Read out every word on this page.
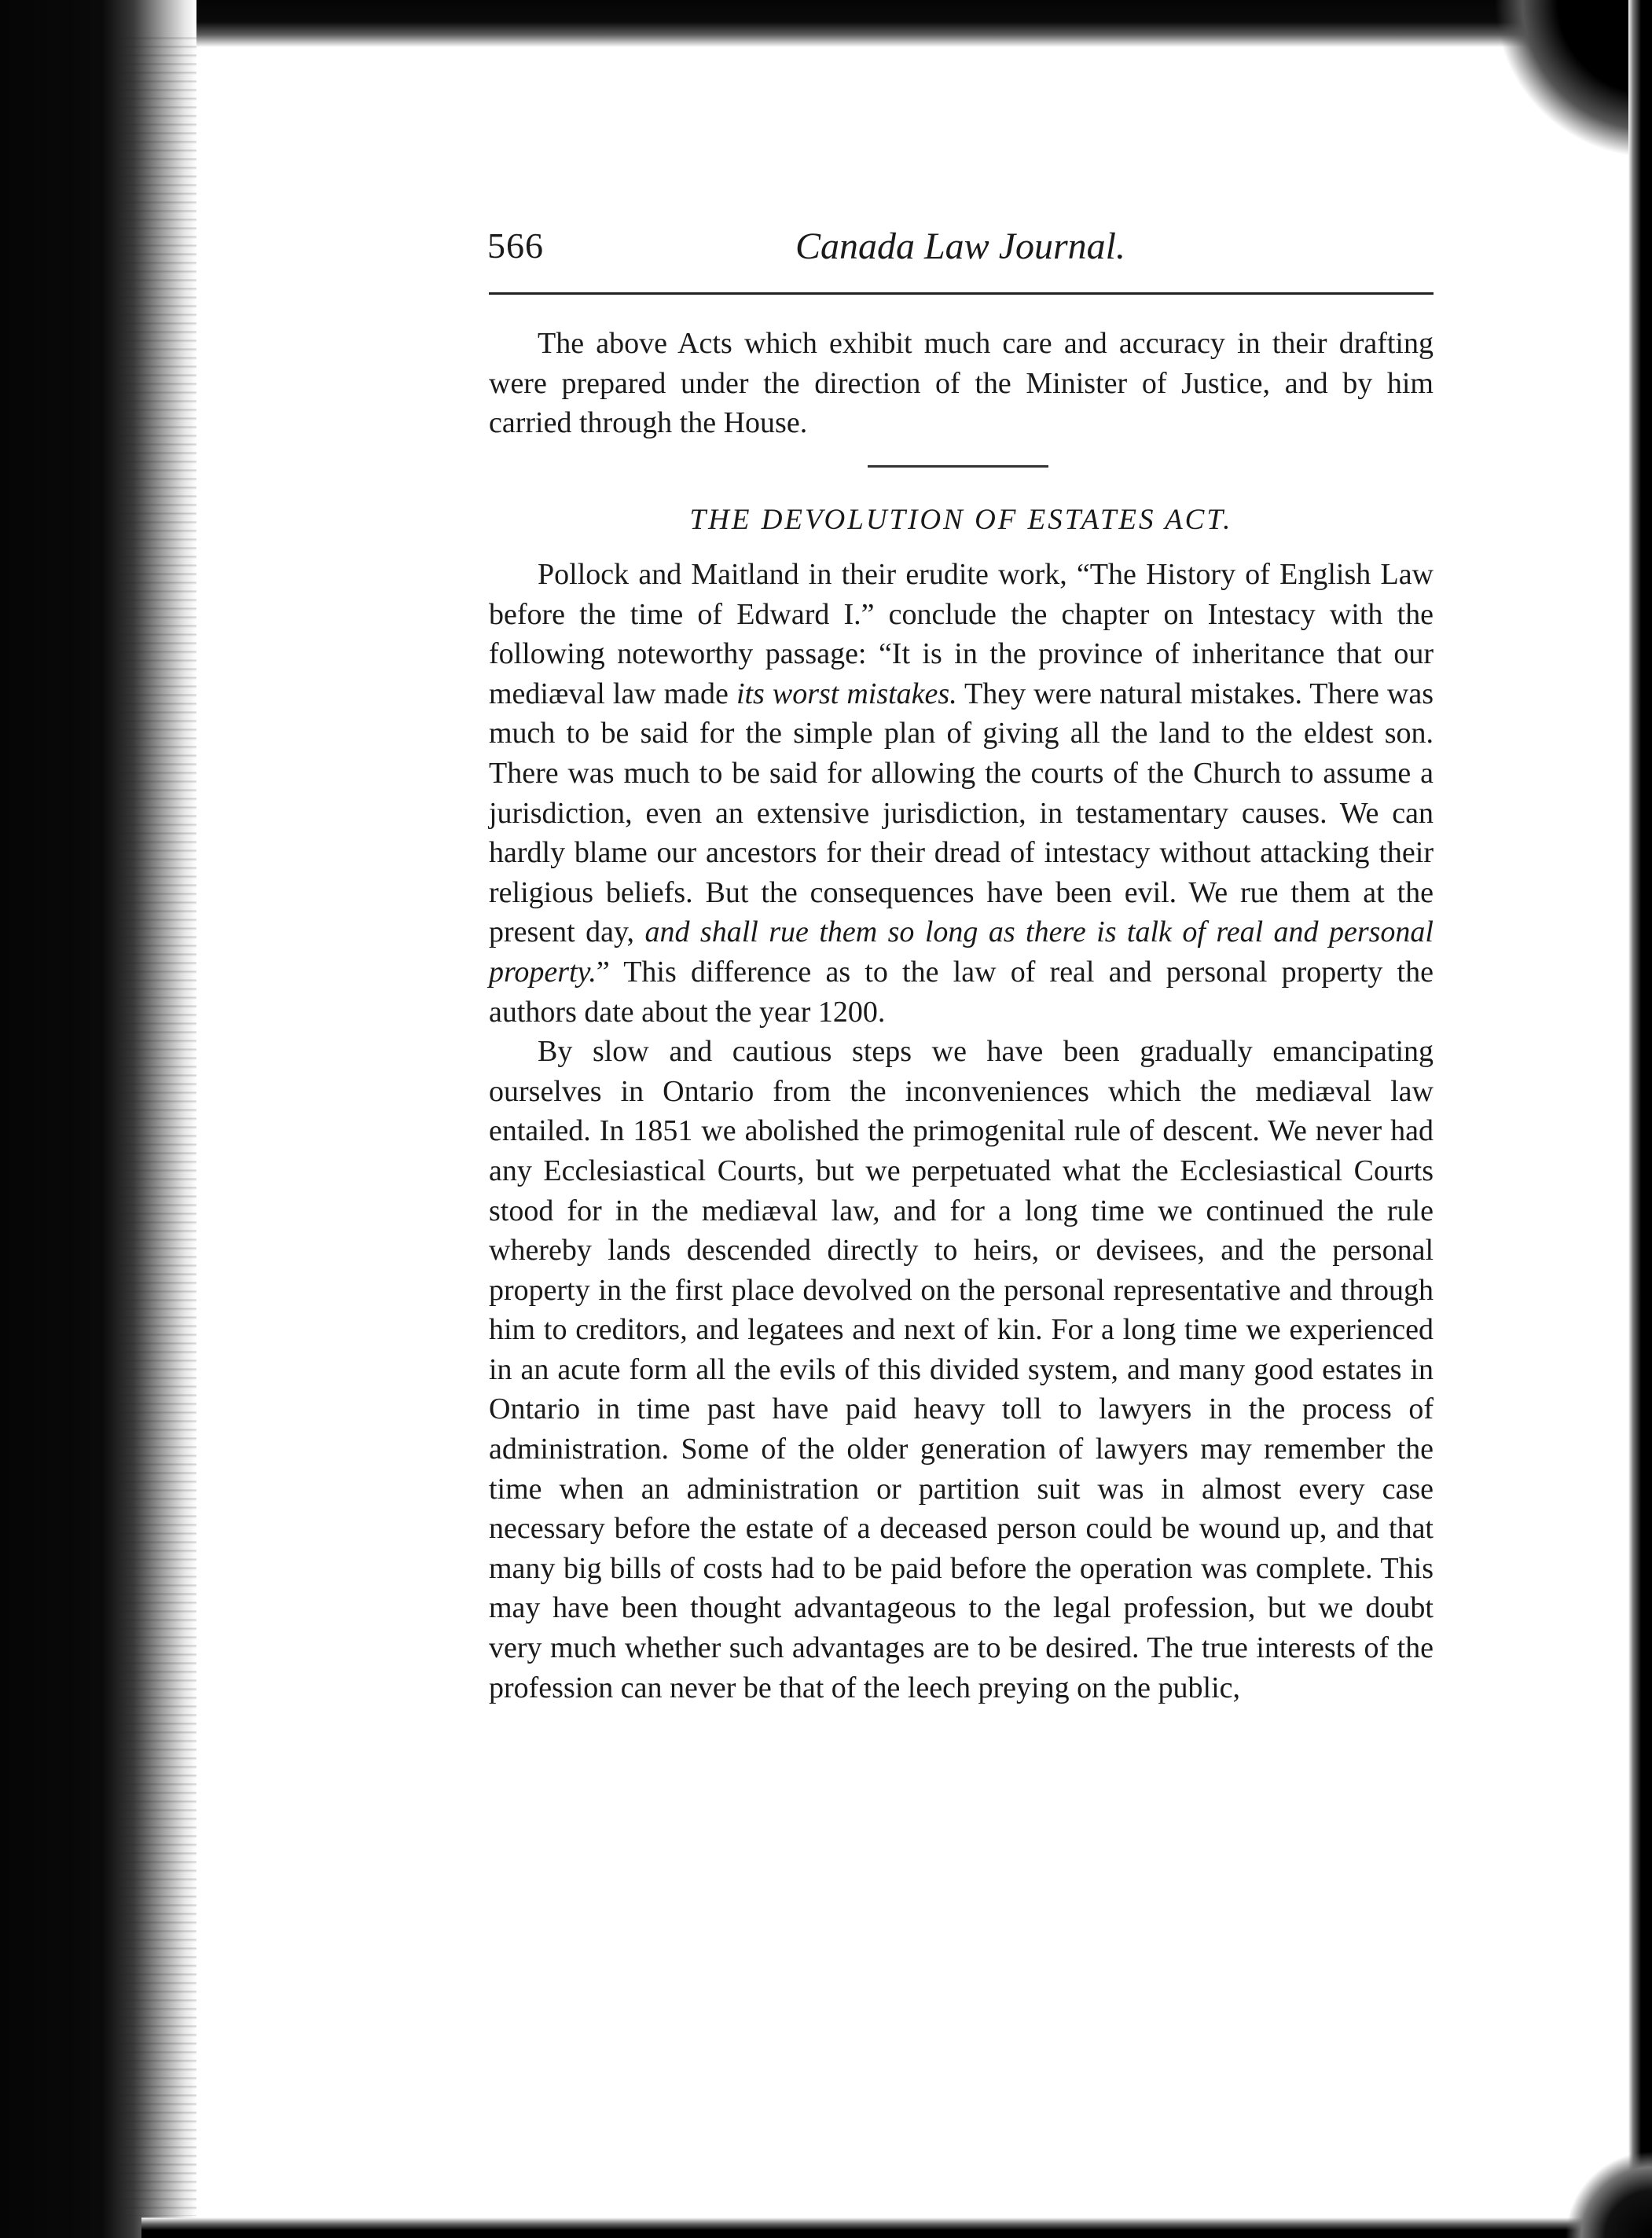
566	Canada Law Journal.

The above Acts which exhibit much care and accuracy in their drafting were prepared under the direction of the Minister of Justice, and by him carried through the House.

THE DEVOLUTION OF ESTATES ACT.

Pollock and Maitland in their erudite work, “The History of English Law before the time of Edward I.” conclude the chapter on Intestacy with the following noteworthy passage: “It is in the province of inheritance that our mediæval law made its worst mistakes. They were natural mistakes. There was much to be said for the simple plan of giving all the land to the eldest son. There was much to be said for allowing the courts of the Church to assume a jurisdiction, even an extensive jurisdiction, in testamentary causes. We can hardly blame our ancestors for their dread of intestacy without attacking their religious beliefs. But the consequences have been evil. We rue them at the present day, and shall rue them so long as there is talk of real and personal property.” This difference as to the law of real and personal property the authors date about the year 1200.

By slow and cautious steps we have been gradually emancipating ourselves in Ontario from the inconveniences which the mediæval law entailed. In 1851 we abolished the primogenital rule of descent. We never had any Ecclesiastical Courts, but we perpetuated what the Ecclesiastical Courts stood for in the mediæval law, and for a long time we continued the rule whereby lands descended directly to heirs, or devisees, and the personal property in the first place devolved on the personal representative and through him to creditors, and legatees and next of kin. For a long time we experienced in an acute form all the evils of this divided system, and many good estates in Ontario in time past have paid heavy toll to lawyers in the process of administration. Some of the older generation of lawyers may remember the time when an administration or partition suit was in almost every case necessary before the estate of a deceased person could be wound up, and that many big bills of costs had to be paid before the operation was complete. This may have been thought advantageous to the legal profession, but we doubt very much whether such advantages are to be desired. The true interests of the profession can never be that of the leech preying on the public,
